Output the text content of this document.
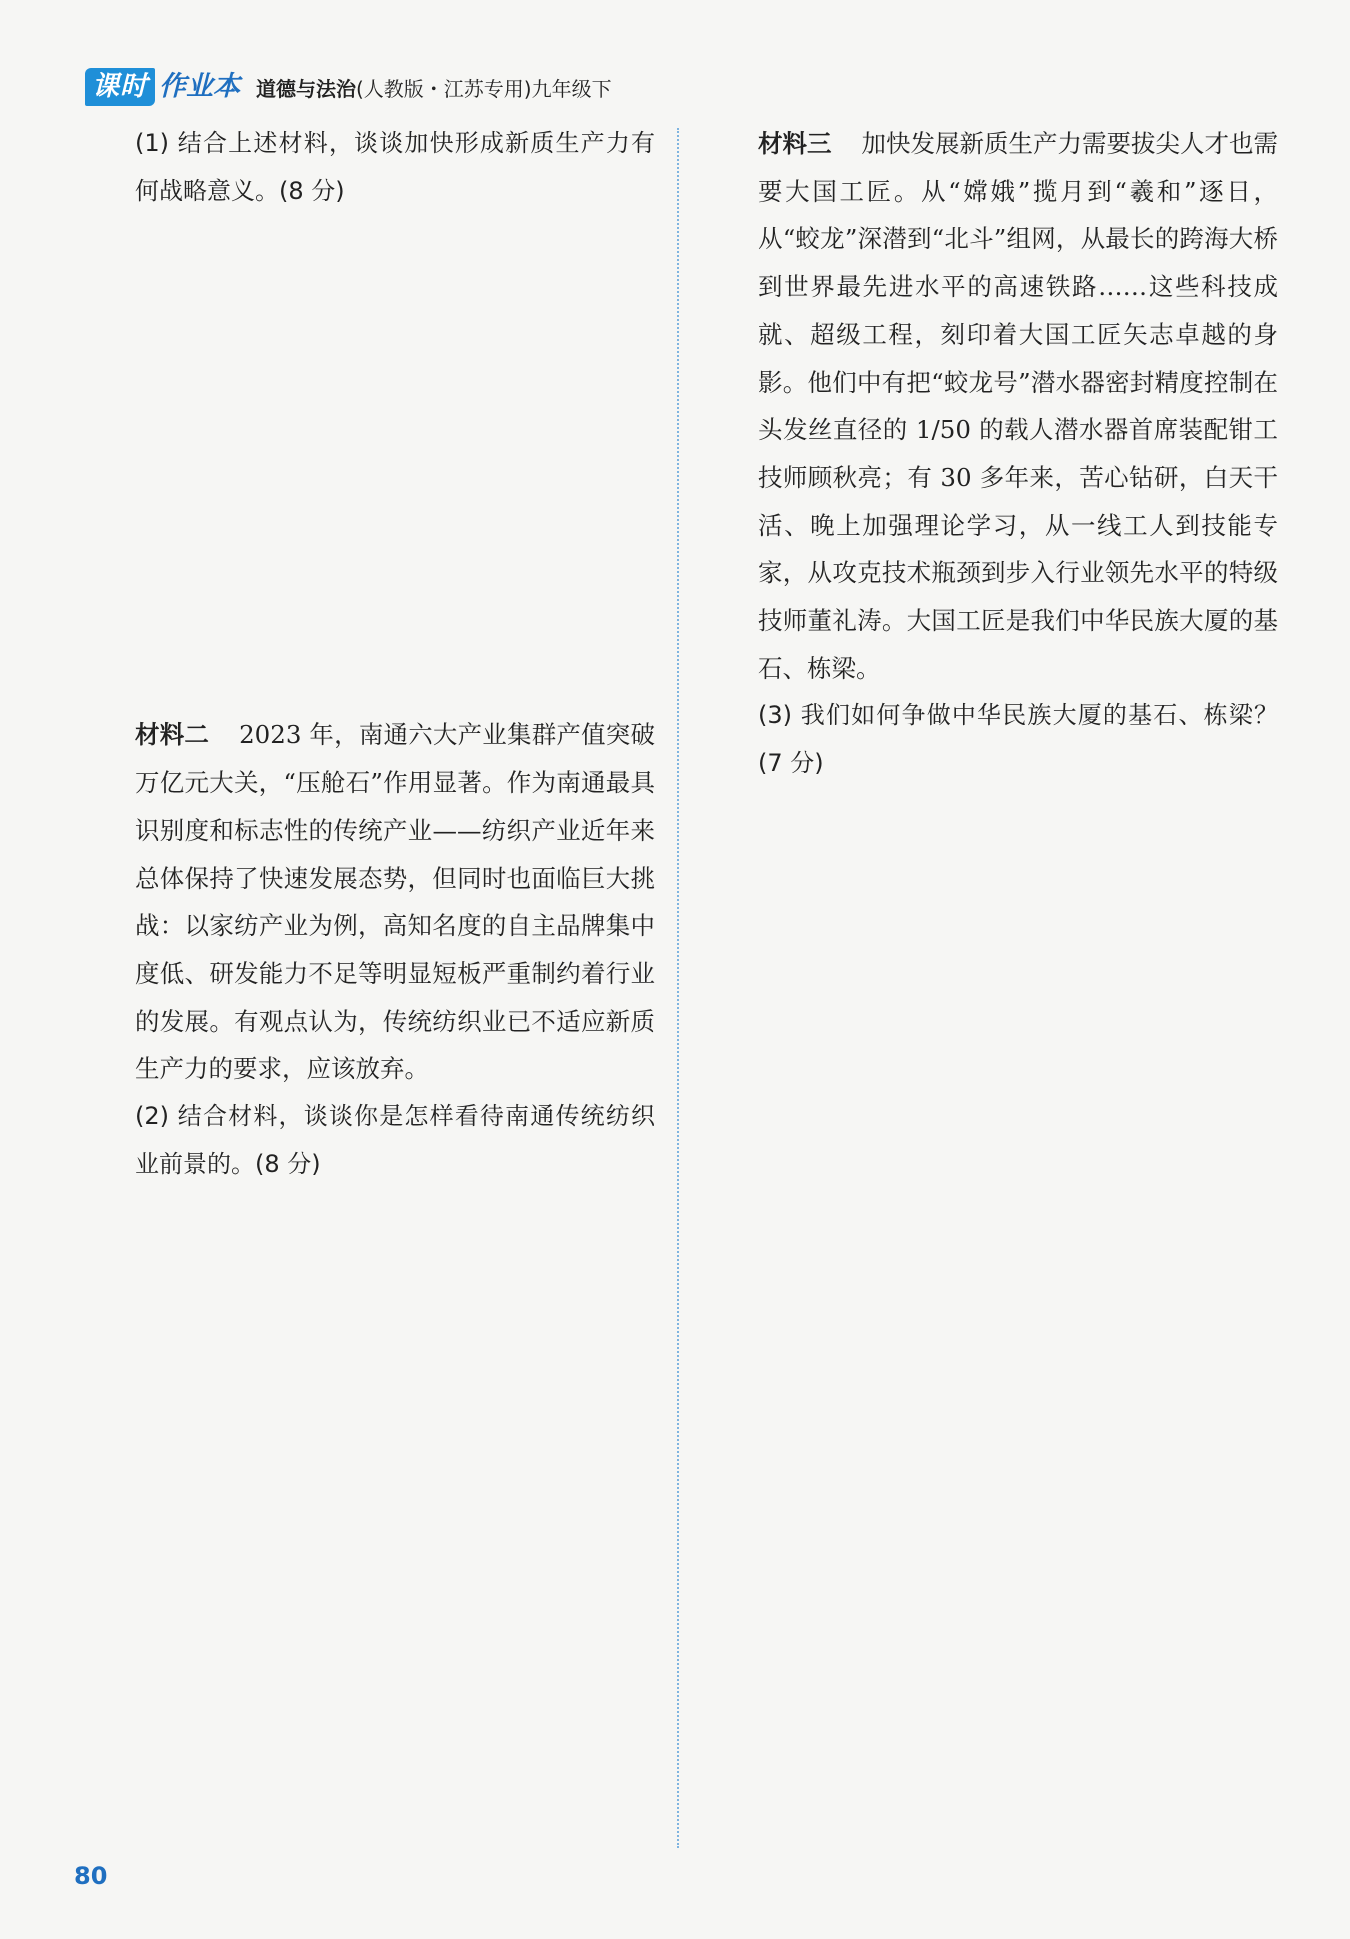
课时 作业本 道德与法治(人教版・江苏专用)九年级下

(1) 结合上述材料，谈谈加快形成新质生产力有何战略意义。(8 分)

材料二 2023 年，南通六大产业集群产值突破万亿元大关，“压舱石”作用显著。作为南通最具识别度和标志性的传统产业——纺织产业近年来总体保持了快速发展态势，但同时也面临巨大挑战：以家纺产业为例，高知名度的自主品牌集中度低、研发能力不足等明显短板严重制约着行业的发展。有观点认为，传统纺织业已不适应新质生产力的要求，应该放弃。

(2) 结合材料，谈谈你是怎样看待南通传统纺织业前景的。(8 分)

材料三 加快发展新质生产力需要拔尖人才也需要大国工匠。从“嫦娥”揽月到“羲和”逐日，从“蛟龙”深潜到“北斗”组网，从最长的跨海大桥到世界最先进水平的高速铁路……这些科技成就、超级工程，刻印着大国工匠矢志卓越的身影。他们中有把“蛟龙号”潜水器密封精度控制在头发丝直径的 1/50 的载人潜水器首席装配钳工技师顾秋亮；有 30 多年来，苦心钻研，白天干活、晚上加强理论学习，从一线工人到技能专家，从攻克技术瓶颈到步入行业领先水平的特级技师董礼涛。大国工匠是我们中华民族大厦的基石、栋梁。

(3) 我们如何争做中华民族大厦的基石、栋梁？(7 分)

80
